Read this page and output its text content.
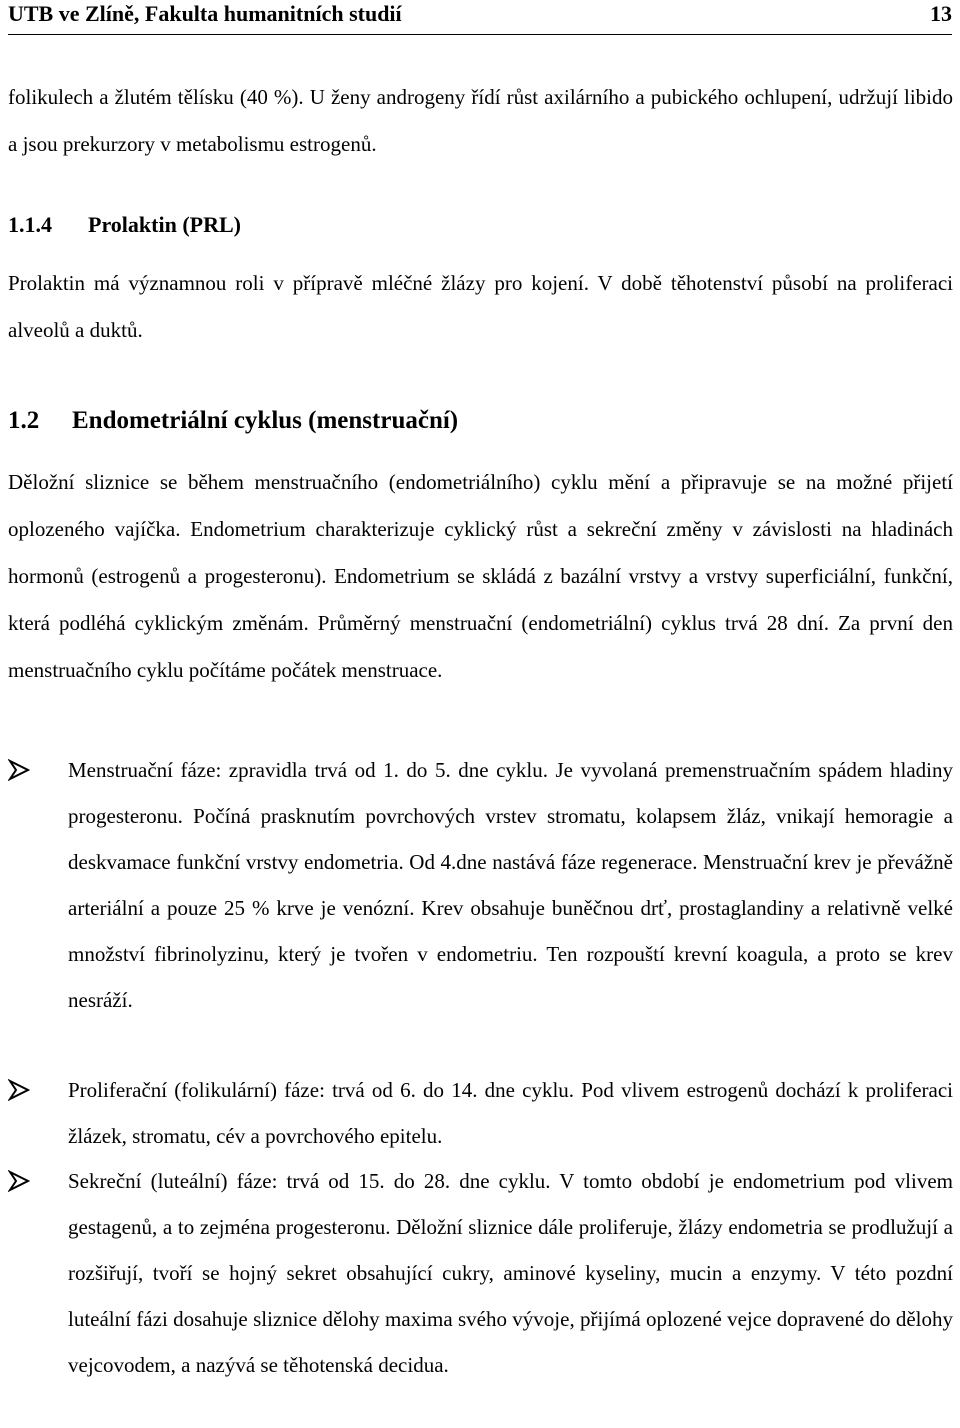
UTB ve Zlíně, Fakulta humanitních studií	13

folikulech a žlutém tělísku (40 %). U ženy androgeny řídí růst axilárního a pubického ochlupení, udržují libido a jsou prekurzory v metabolismu estrogenů.

1.1.4 Prolaktin (PRL)

Prolaktin má významnou roli v přípravě mléčné žlázy pro kojení. V době těhotenství působí na proliferaci alveolů a duktů.

1.2 Endometriální cyklus (menstruační)

Děložní sliznice se během menstruačního (endometriálního) cyklu mění a připravuje se na možné přijetí oplozeného vajíčka. Endometrium charakterizuje cyklický růst a sekreční změny v závislosti na hladinách hormonů (estrogenů a progesteronu). Endometrium se skládá z bazální vrstvy a vrstvy superficiální, funkční, která podléhá cyklickým změnám. Průměrný menstruační (endometriální) cyklus trvá 28 dní. Za první den menstruačního cyklu počítáme počátek menstruace.

Menstruační fáze: zpravidla trvá od 1. do 5. dne cyklu. Je vyvolaná premenstruačním spádem hladiny progesteronu. Počíná prasknutím povrchových vrstev stromatu, kolapsem žláz, vnikají hemoragie a deskvamace funkční vrstvy endometria. Od 4.dne nastává fáze regenerace. Menstruační krev je převážně arteriální a pouze 25 % krve je venózní. Krev obsahuje buněčnou drť, prostaglandiny a relativně velké množství fibrinolyzinu, který je tvořen v endometriu. Ten rozpouští krevní koagula, a proto se krev nesráží.

Proliferační (folikulární) fáze: trvá od 6. do 14. dne cyklu. Pod vlivem estrogenů dochází k proliferaci žlázek, stromatu, cév a povrchového epitelu.

Sekreční (luteální) fáze: trvá od 15. do 28. dne cyklu. V tomto období je endometrium pod vlivem gestagenů, a to zejména progesteronu. Děložní sliznice dále proliferuje, žlázy endometria se prodlužují a rozšiřují, tvoří se hojný sekret obsahující cukry, aminové kyseliny, mucin a enzymy. V této pozdní luteální fázi dosahuje sliznice dělohy maxima svého vývoje, přijímá oplozené vejce dopravené do dělohy vejcovodem, a nazývá se těhotenská decidua.
